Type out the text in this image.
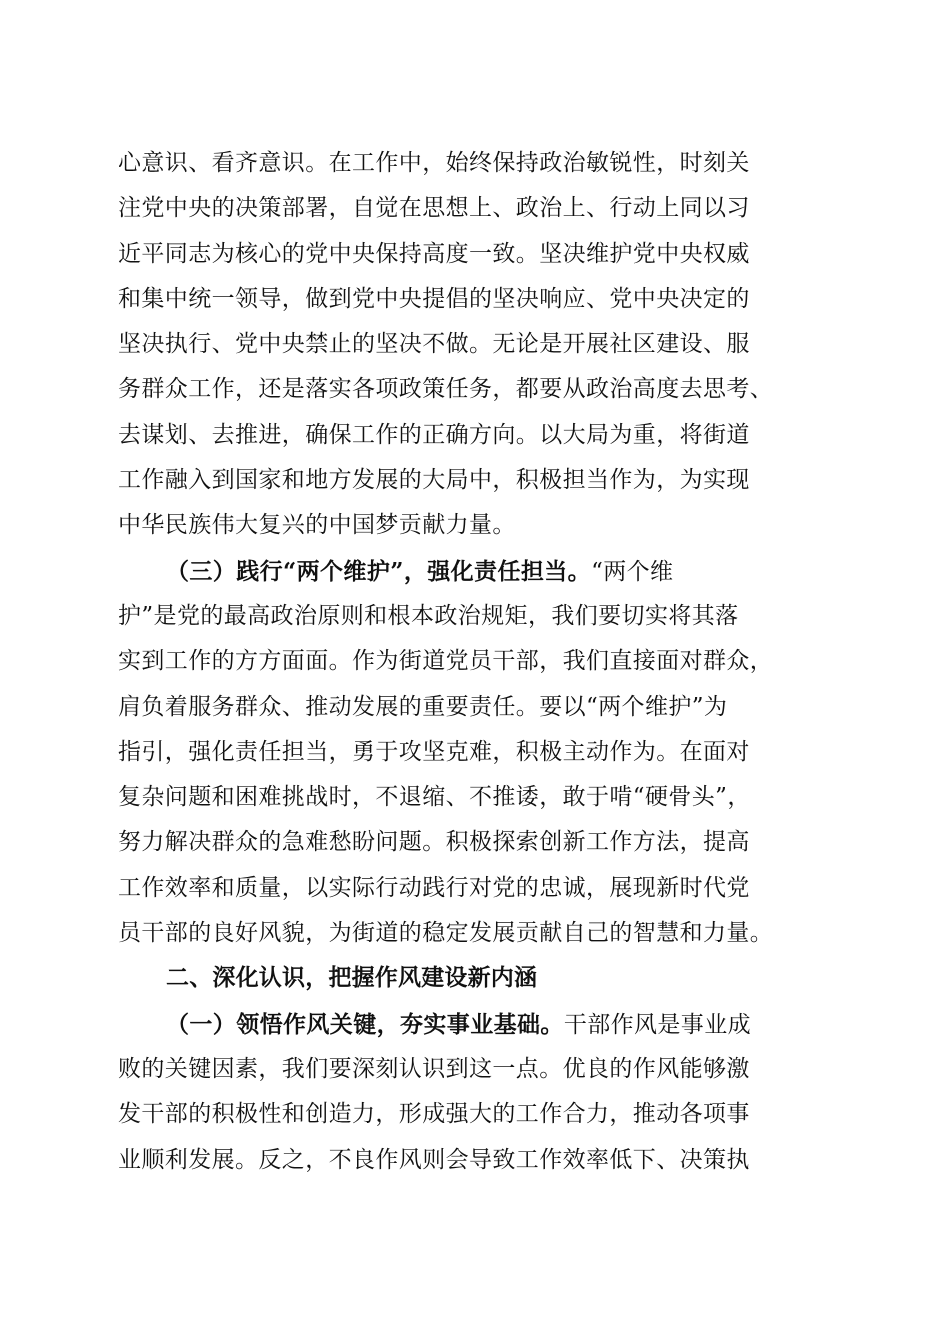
心意识、看齐意识。在工作中，始终保持政治敏锐性，时刻关
注党中央的决策部署，自觉在思想上、政治上、行动上同以习
近平同志为核心的党中央保持高度一致。坚决维护党中央权威
和集中统一领导，做到党中央提倡的坚决响应、党中央决定的
坚决执行、党中央禁止的坚决不做。无论是开展社区建设、服
务群众工作，还是落实各项政策任务，都要从政治高度去思考、
去谋划、去推进，确保工作的正确方向。以大局为重，将街道
工作融入到国家和地方发展的大局中，积极担当作为，为实现
中华民族伟大复兴的中国梦贡献力量。
（三）践行“两个维护”，强化责任担当。“两个维
护”是党的最高政治原则和根本政治规矩，我们要切实将其落
实到工作的方方面面。作为街道党员干部，我们直接面对群众，
肩负着服务群众、推动发展的重要责任。要以“两个维护”为
指引，强化责任担当，勇于攻坚克难，积极主动作为。在面对
复杂问题和困难挑战时，不退缩、不推诿，敢于啃“硬骨头”，
努力解决群众的急难愁盼问题。积极探索创新工作方法，提高
工作效率和质量，以实际行动践行对党的忠诚，展现新时代党
员干部的良好风貌，为街道的稳定发展贡献自己的智慧和力量。
二、深化认识，把握作风建设新内涵
（一）领悟作风关键，夯实事业基础。干部作风是事业成
败的关键因素，我们要深刻认识到这一点。优良的作风能够激
发干部的积极性和创造力，形成强大的工作合力，推动各项事
业顺利发展。反之，不良作风则会导致工作效率低下、决策执
